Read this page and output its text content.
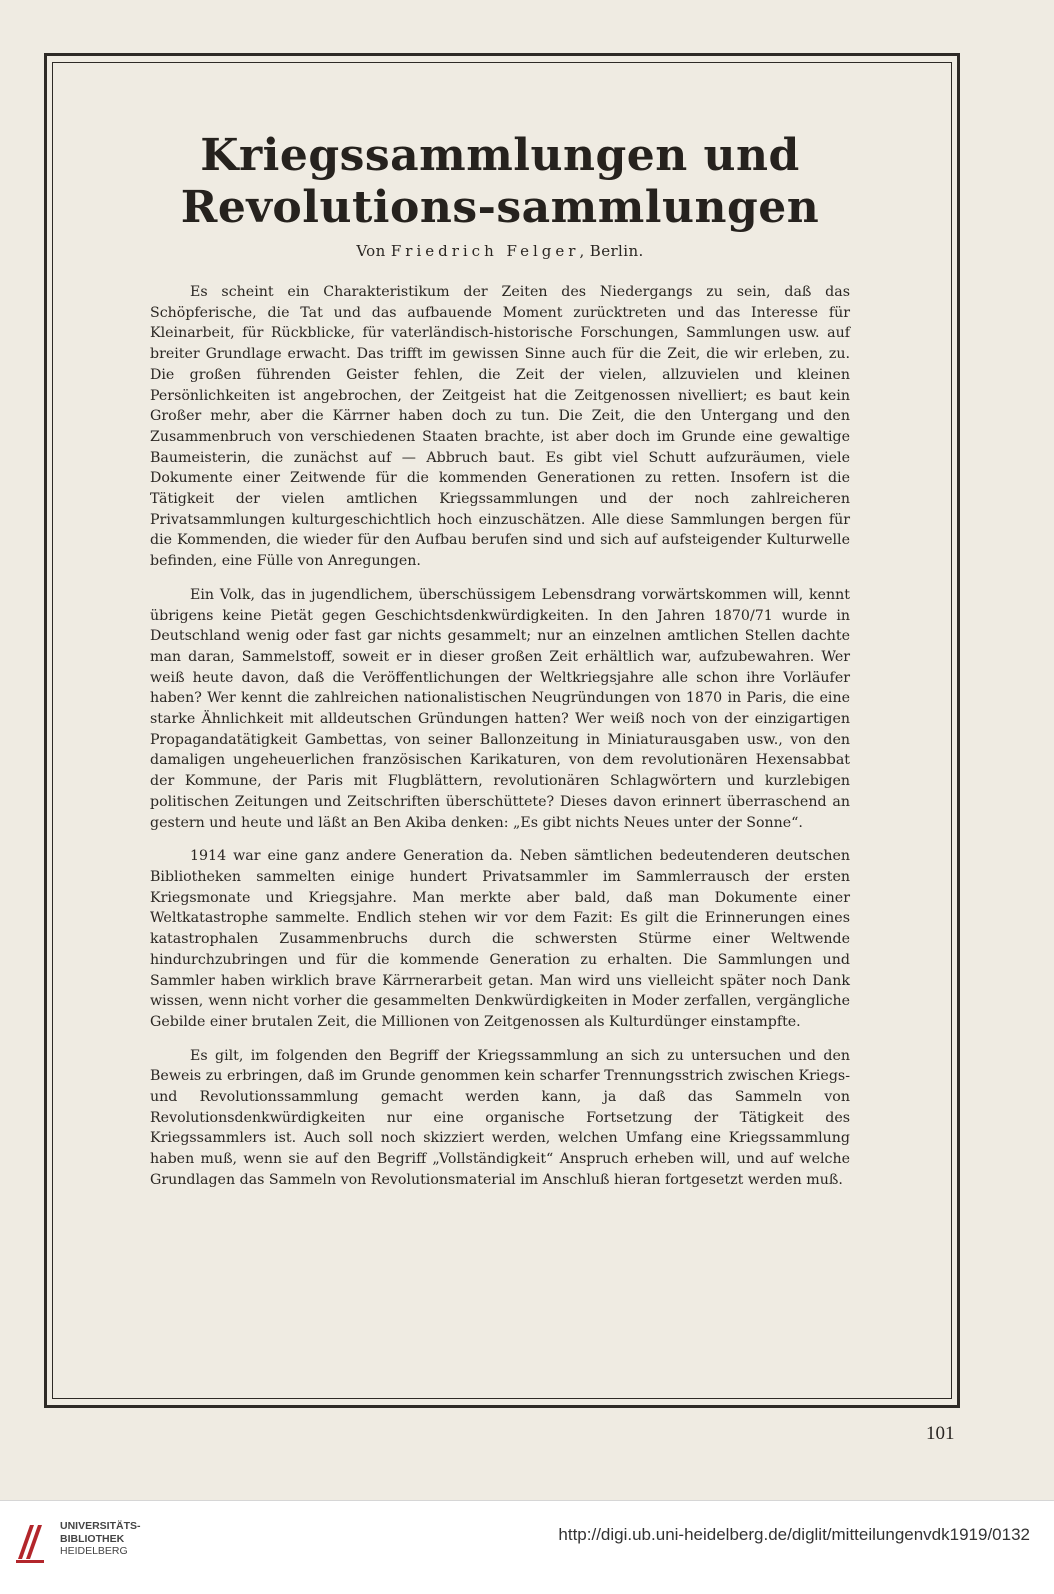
Kriegssammlungen und Revolutions-sammlungen
Von Friedrich Felger, Berlin.

Es scheint ein Charakteristikum der Zeiten des Niedergangs zu sein, daß das Schöpferische, die Tat und das aufbauende Moment zurücktreten und das Interesse für Kleinarbeit, für Rückblicke, für vaterländisch-historische Forschungen, Sammlungen usw. auf breiter Grundlage erwacht. Das trifft im gewissen Sinne auch für die Zeit, die wir erleben, zu. Die großen führenden Geister fehlen, die Zeit der vielen, allzuvielen und kleinen Persönlichkeiten ist angebrochen, der Zeitgeist hat die Zeitgenossen nivelliert; es baut kein Großer mehr, aber die Kärrner haben doch zu tun. Die Zeit, die den Untergang und den Zusammenbruch von verschiedenen Staaten brachte, ist aber doch im Grunde eine gewaltige Baumeisterin, die zunächst auf — Abbruch baut. Es gibt viel Schutt aufzuräumen, viele Dokumente einer Zeitwende für die kommenden Generationen zu retten. Insofern ist die Tätigkeit der vielen amtlichen Kriegssammlungen und der noch zahlreicheren Privatsammlungen kulturgeschichtlich hoch einzuschätzen. Alle diese Sammlungen bergen für die Kommenden, die wieder für den Aufbau berufen sind und sich auf aufsteigender Kulturwelle befinden, eine Fülle von Anregungen.

Ein Volk, das in jugendlichem, überschüssigem Lebensdrang vorwärtskommen will, kennt übrigens keine Pietät gegen Geschichtsdenkwürdigkeiten. In den Jahren 1870/71 wurde in Deutschland wenig oder fast gar nichts gesammelt; nur an einzelnen amtlichen Stellen dachte man daran, Sammelstoff, soweit er in dieser großen Zeit erhältlich war, aufzubewahren. Wer weiß heute davon, daß die Veröffentlichungen der Weltkriegsjahre alle schon ihre Vorläufer haben? Wer kennt die zahlreichen nationalistischen Neugründungen von 1870 in Paris, die eine starke Ähnlichkeit mit alldeutschen Gründungen hatten? Wer weiß noch von der einzigartigen Propagandatätigkeit Gambettas, von seiner Ballonzeitung in Miniaturausgaben usw., von den damaligen ungeheuerlichen französischen Karikaturen, von dem revolutionären Hexensabbat der Kommune, der Paris mit Flugblättern, revolutionären Schlagwörtern und kurzlebigen politischen Zeitungen und Zeitschriften überschüttete? Dieses davon erinnert überraschend an gestern und heute und läßt an Ben Akiba denken: „Es gibt nichts Neues unter der Sonne“.

1914 war eine ganz andere Generation da. Neben sämtlichen bedeutenderen deutschen Bibliotheken sammelten einige hundert Privatsammler im Sammlerrausch der ersten Kriegsmonate und Kriegsjahre. Man merkte aber bald, daß man Dokumente einer Weltkatastrophe sammelte. Endlich stehen wir vor dem Fazit: Es gilt die Erinnerungen eines katastrophalen Zusammenbruchs durch die schwersten Stürme einer Weltwende hindurchzubringen und für die kommende Generation zu erhalten. Die Sammlungen und Sammler haben wirklich brave Kärrnerarbeit getan. Man wird uns vielleicht später noch Dank wissen, wenn nicht vorher die gesammelten Denkwürdigkeiten in Moder zerfallen, vergängliche Gebilde einer brutalen Zeit, die Millionen von Zeitgenossen als Kulturdünger einstampfte.

Es gilt, im folgenden den Begriff der Kriegssammlung an sich zu untersuchen und den Beweis zu erbringen, daß im Grunde genommen kein scharfer Trennungsstrich zwischen Kriegs- und Revolutionssammlung gemacht werden kann, ja daß das Sammeln von Revolutionsdenkwürdigkeiten nur eine organische Fortsetzung der Tätigkeit des Kriegssammlers ist. Auch soll noch skizziert werden, welchen Umfang eine Kriegssammlung haben muß, wenn sie auf den Begriff „Vollständigkeit“ Anspruch erheben will, und auf welche Grundlagen das Sammeln von Revolutionsmaterial im Anschluß hieran fortgesetzt werden muß.

101
UNIVERSITÄTS-
BIBLIOTHEK
HEIDELBERG
http://digi.ub.uni-heidelberg.de/diglit/mitteilungenvdk1919/0132
